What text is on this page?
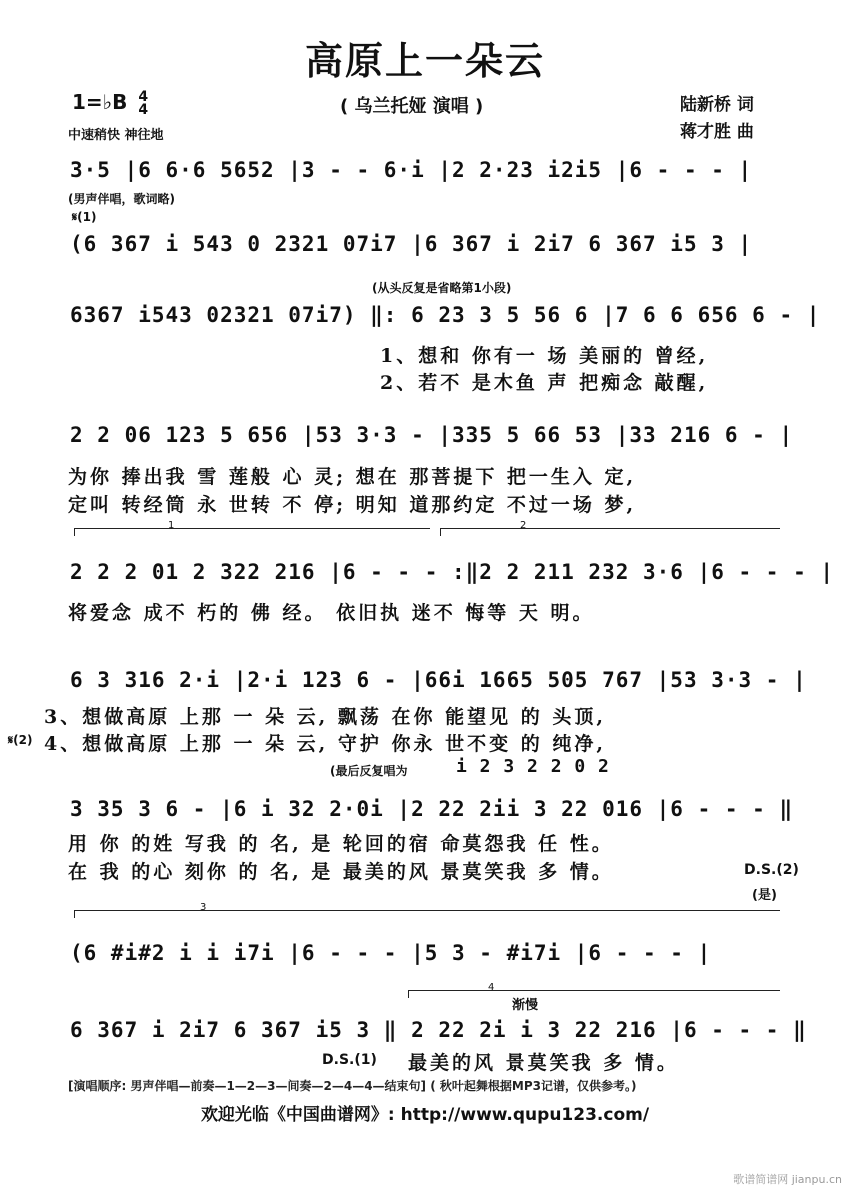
高原上一朵云
( 乌兰托娅 演唱 )
1=♭B 4
4
中速稍快 神往地
陆新桥 词
蒋才胜 曲
3·5 |6 6·6 5652 |3 - - 6·i |2 2·23 i2i5 |6 - - - |
(男声伴唱，歌词略)
𝄋(1)
(6 367 i 543 0 2321 07i7 |6 367 i 2i7 6 367 i5 3 |
(从头反复是省略第1小段)
6367 i543 02321 07i7) ‖: 6 23 3 5 56 6 |7 6 6 656 6 - |
1、想和 你有一 场 美丽的 曾经,
2、若不 是木鱼 声 把痴念 敲醒,
2 2 06 123 5 656 |53 3·3 - |335 5 66 53 |33 216 6 - |
为你 捧出我 雪 莲般 心 灵; 想在 那菩提下 把一生入 定,
定叫 转经筒 永 世转 不 停; 明知 道那约定 不过一场 梦,
1	2
2 2 2 01 2 322 216 |6 - - - :‖2 2 211 232 3·6 |6 - - - |
将爱念 成不 朽的 佛 经。 依旧执 迷不 悔等 天 明。
6 3 316 2·i |2·i 123 6 - |66i 1665 505 767 |53 3·3 - |
3、想做高原 上那 一 朵 云, 飘荡 在你 能望见 的 头顶,
𝄋(2) 4、想做高原 上那 一 朵 云, 守护 你永 世不变 的 纯净,
(最后反复唱为	i 2 3 2 2 0 2
3 35 3 6 - |6 i 32 2·0i |2 22 2ii 3 22 016 |6 - - - ‖
用 你 的姓 写我 的 名, 是 轮回的宿 命莫怨我 任 性。
在 我 的心 刻你 的 名, 是 最美的风 景莫笑我 多 情。	D.S.(2)
(是)
3
(6 #i#2 i i i7i |6 - - - |5 3 - #i7i |6 - - - |
4
渐慢
6 367 i 2i7 6 367 i5 3 ‖ 2 22 2i i 3 22 216 |6 - - - ‖
D.S.(1) 最美的风 景莫笑我 多 情。
[演唱顺序: 男声伴唱—前奏—1—2—3—间奏—2—4—4—结束句] ( 秋叶起舞根据MP3记谱，仅供参考。)
欢迎光临《中国曲谱网》: http://www.qupu123.com/
歌谱简谱网 jianpu.cn
